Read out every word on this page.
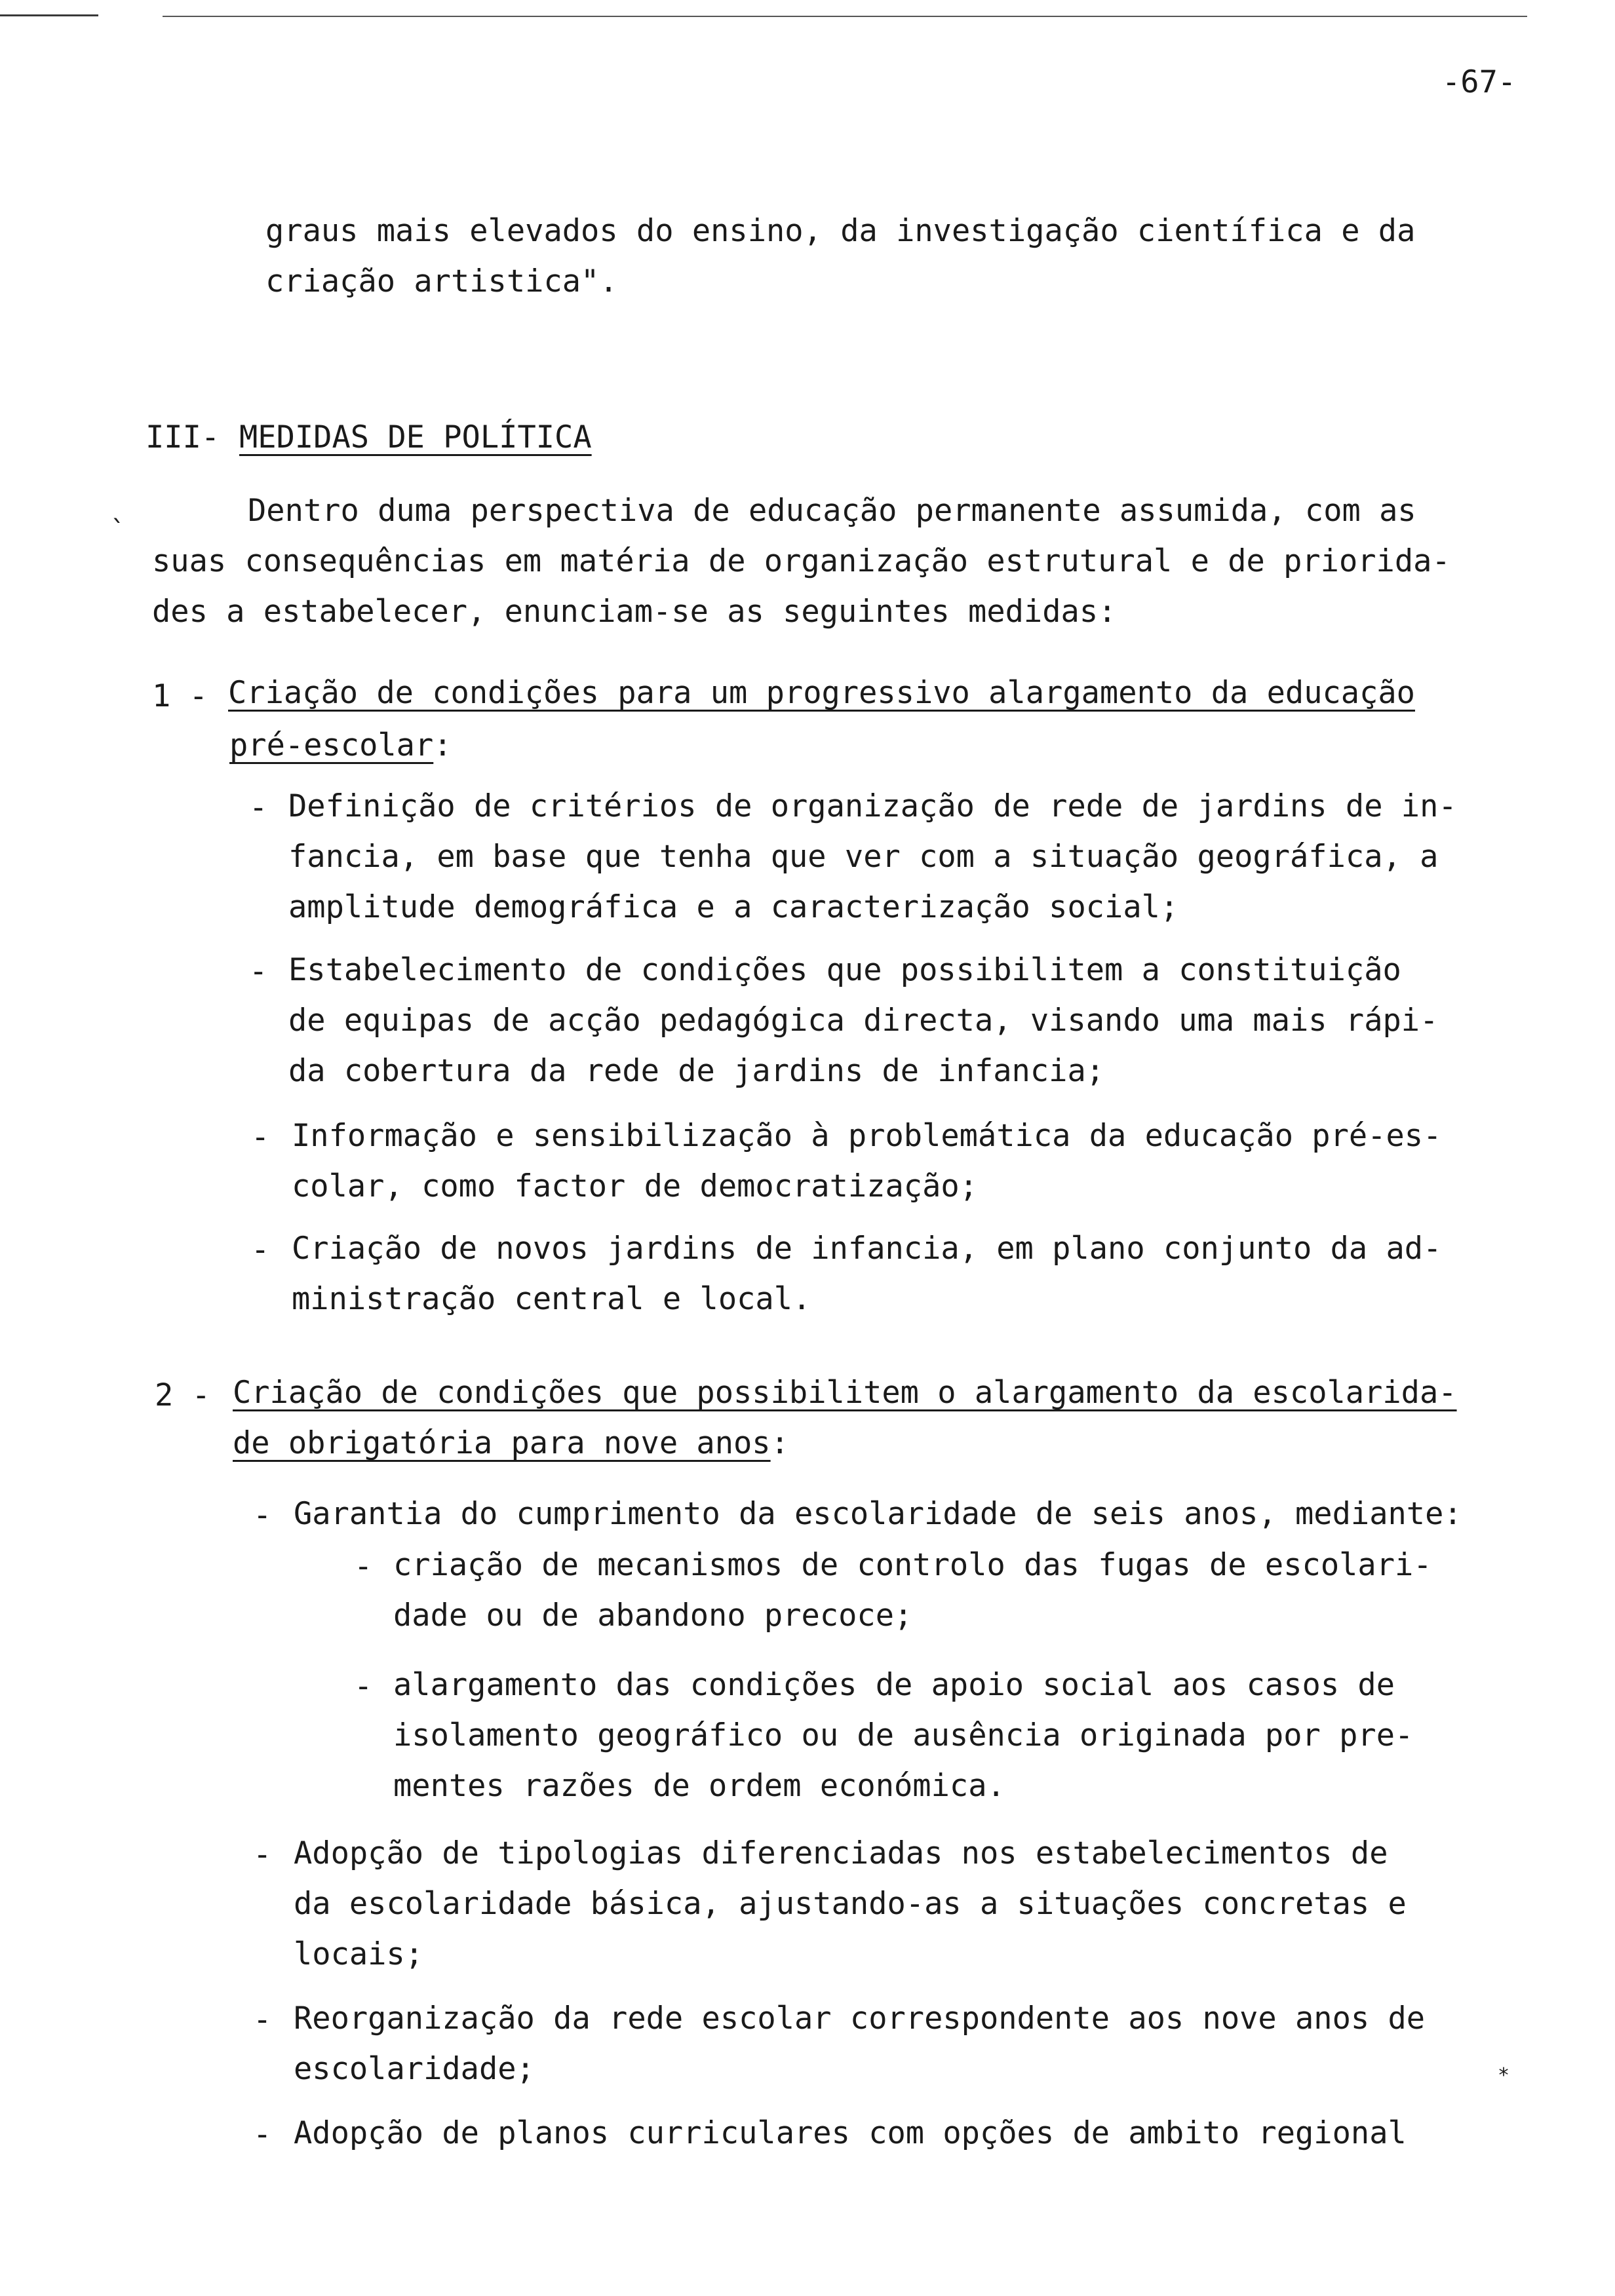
-67-
graus mais elevados do ensino, da investigação científica e da
criação artistica".
III- MEDIDAS DE POLÍTICA
`
Dentro duma perspectiva de educação permanente assumida, com as
suas consequências em matéria de organização estrutural e de priorida-
des a estabelecer, enunciam-se as seguintes medidas:
1 - Criação de condições para um progressivo alargamento da educação
pré-escolar:
- Definição de critérios de organização de rede de jardins de in-
fancia, em base que tenha que ver com a situação geográfica, a
amplitude demográfica e a caracterização social;
- Estabelecimento de condições que possibilitem a constituição
de equipas de acção pedagógica directa, visando uma mais rápi-
da cobertura da rede de jardins de infancia;
- Informação e sensibilização à problemática da educação pré-es-
colar, como factor de democratização;
- Criação de novos jardins de infancia, em plano conjunto da ad-
ministração central e local.
2 - Criação de condições que possibilitem o alargamento da escolarida-
de obrigatória para nove anos:
- Garantia do cumprimento da escolaridade de seis anos, mediante:
- criação de mecanismos de controlo das fugas de escolari-
dade ou de abandono precoce;
- alargamento das condições de apoio social aos casos de
isolamento geográfico ou de ausência originada por pre-
mentes razões de ordem económica.
- Adopção de tipologias diferenciadas nos estabelecimentos de
da escolaridade básica, ajustando-as a situações concretas e
locais;
- Reorganização da rede escolar correspondente aos nove anos de
escolaridade;	*
- Adopção de planos curriculares com opções de ambito regional
